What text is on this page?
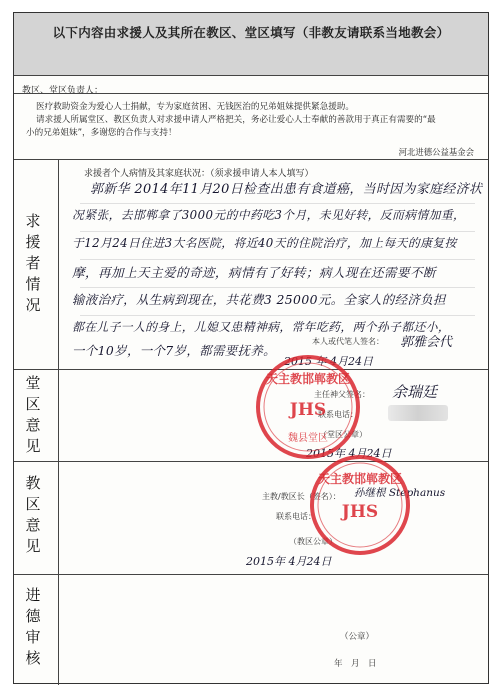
以下内容由求援人及其所在教区、堂区填写（非教友请联系当地教会）
教区、堂区负责人：
医疗救助资金为爱心人士捐献，专为家庭贫困、无钱医治的兄弟姐妹提供紧急援助。
请求援人所属堂区、教区负责人对求援申请人严格把关，务必让爱心人士奉献的善款用于真正有需要的“最
小的兄弟姐妹”，多谢您的合作与支持！
河北进德公益基金会
求
援
者
情
况
堂
区
意
见
教
区
意
见
进
德
审
核
求援者个人病情及其家庭状况：（须求援申请人本人填写）
郭新华 2014年11月20日检查出患有食道癌，当时因为家庭经济状
况紧张，去邯郸拿了3000元的中药吃3个月，未见好转，反而病情加重，
于12月24日住进3大名医院，将近40天的住院治疗，加上每天的康复按
摩，再加上天主爱的奇迹，病情有了好转；病人现在还需要不断
输液治疗，从生病到现在，共花费3 25000元。全家人的经济负担
都在儿子一人的身上，儿媳又患精神病，常年吃药，两个孙子都还小，
一个10岁，一个7岁，都需要抚养。
本人或代笔人签名： 郭雅会代
2015 年 4月24日
主任神父签名： 余瑞廷
联系电话：
（堂区公章）
2015年 4月24日
天主教邯郸教区
JHS
魏县堂区
主教/教区长（签名）： 孙继根 Stephanus
联系电话：
（教区公章）
2015年 4月24日
天主教邯郸教区
JHS
（公章）
年　月　日
